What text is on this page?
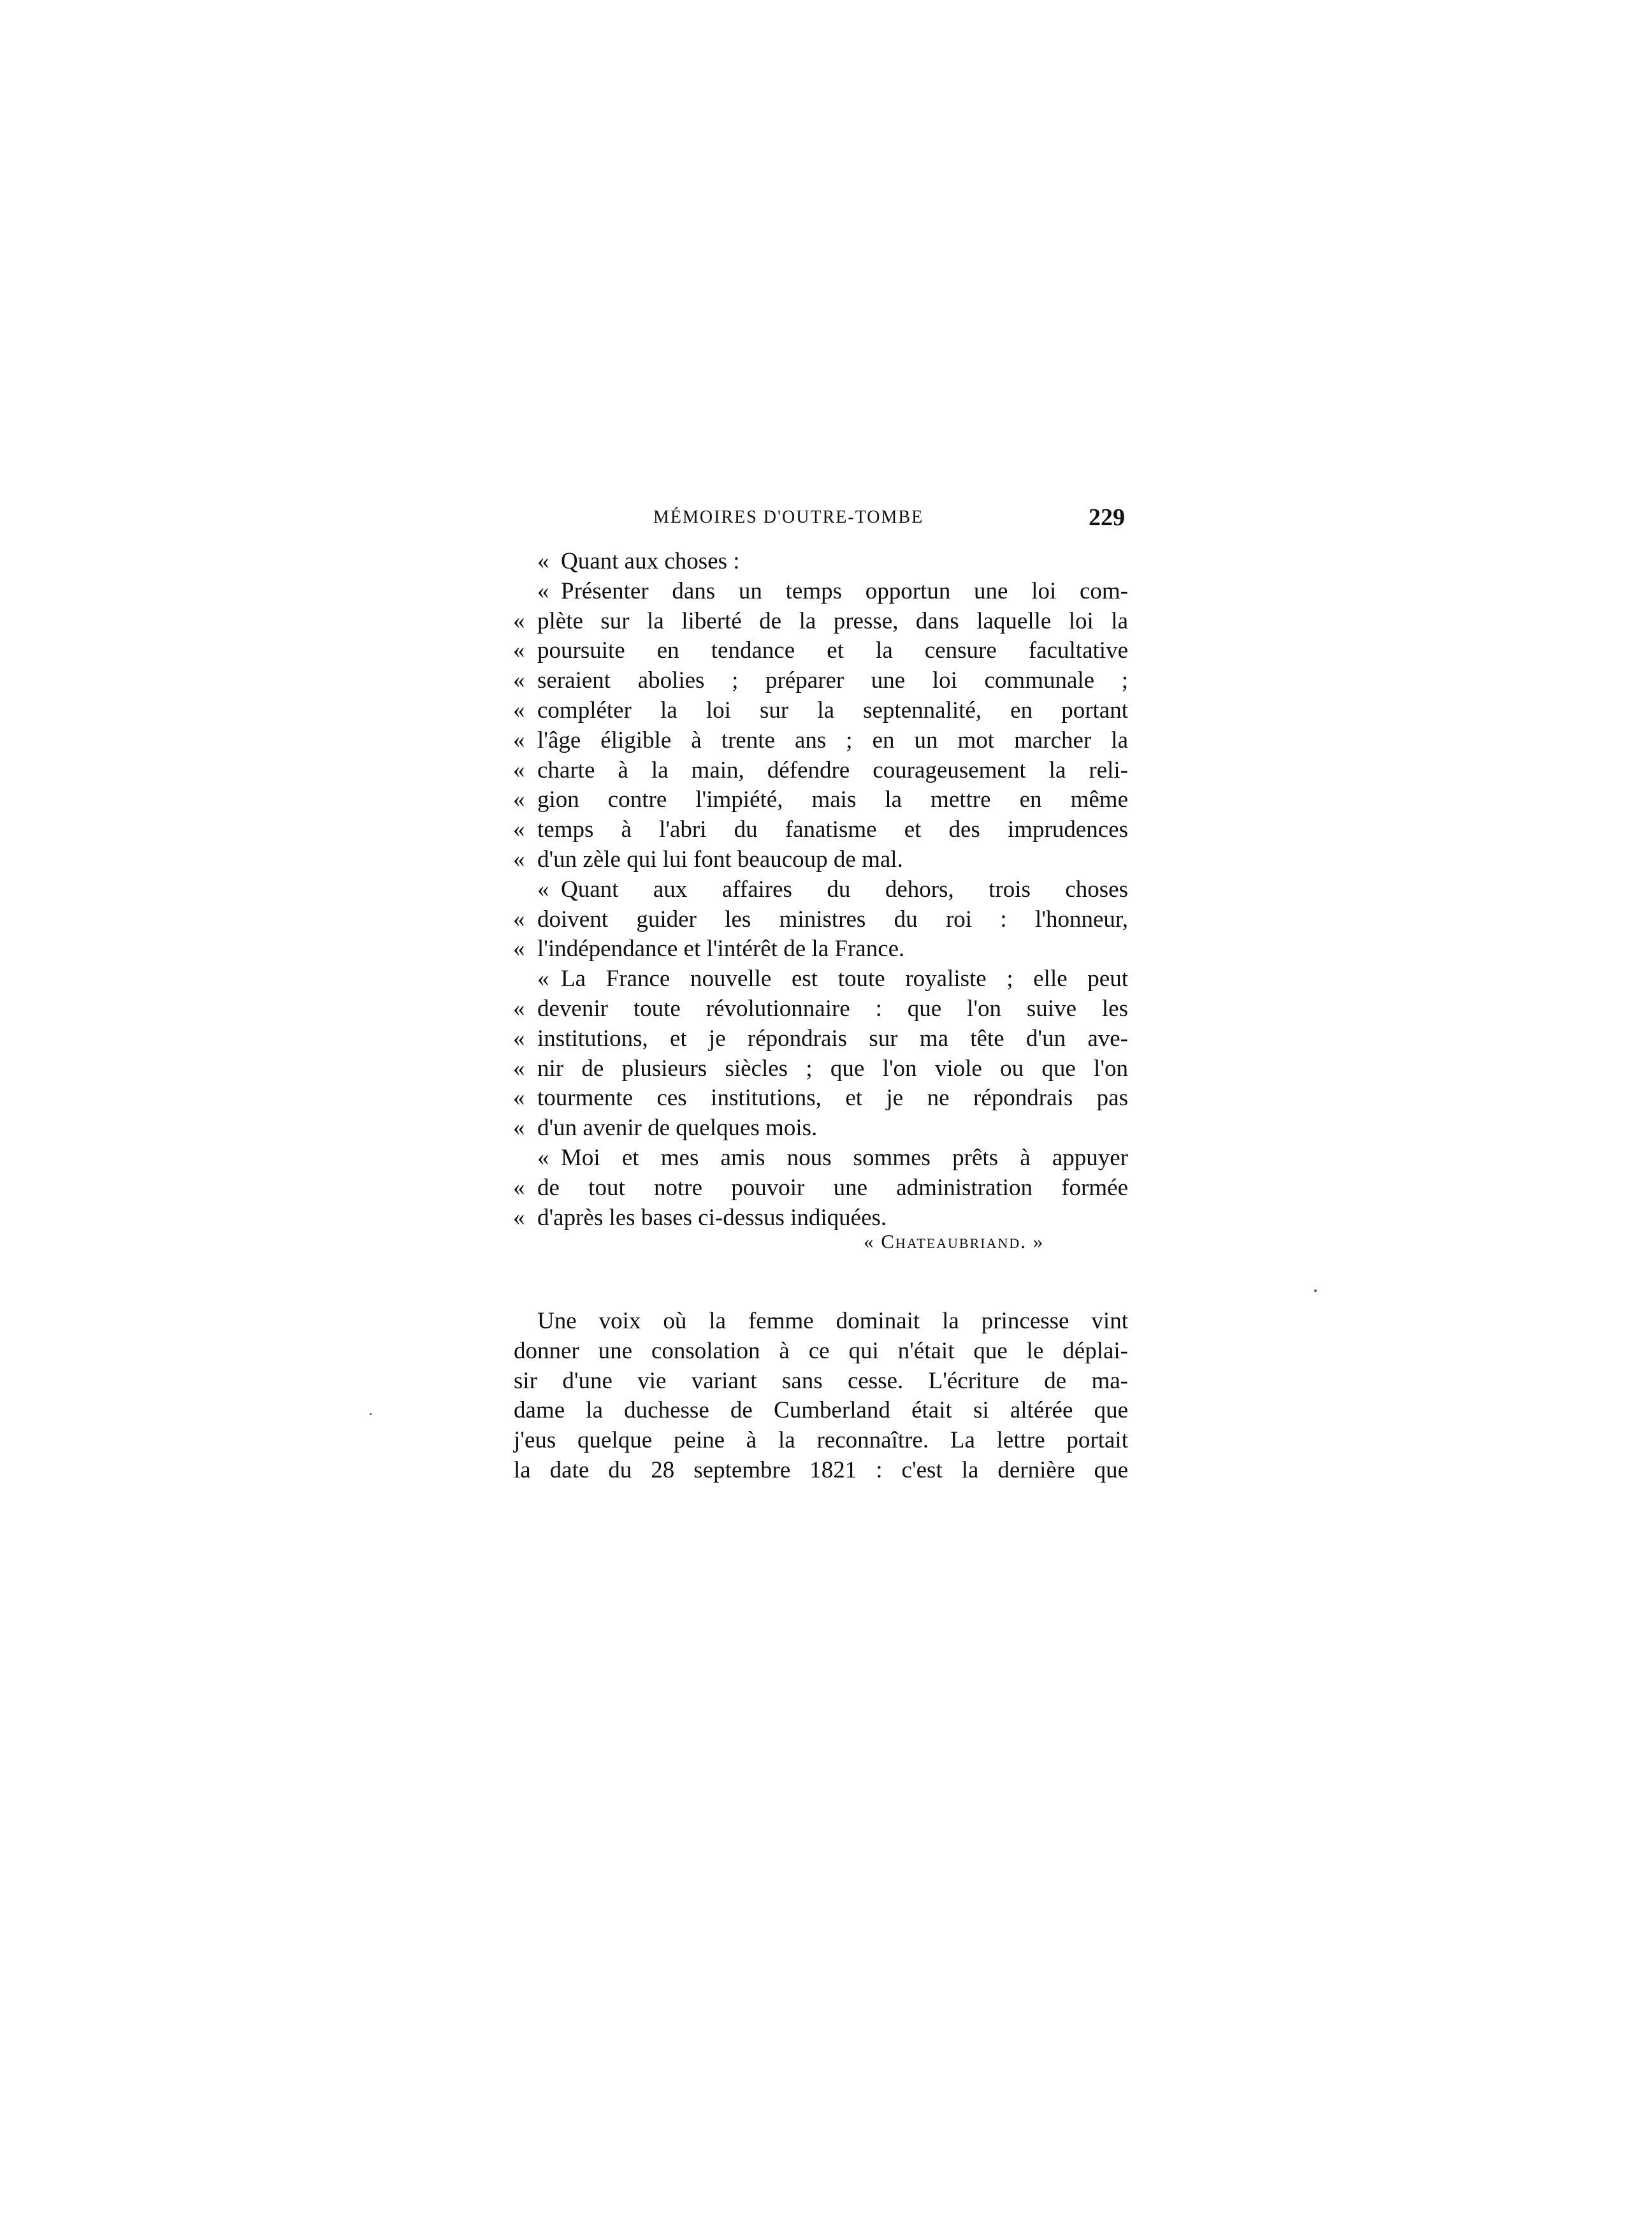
MÉMOIRES D'OUTRE-TOMBE	229
« Quant aux choses :
« Présenter dans un temps opportun une loi com-
« plète sur la liberté de la presse, dans laquelle loi la
« poursuite en tendance et la censure facultative
« seraient abolies ; préparer une loi communale ;
« compléter la loi sur la septennalité, en portant
« l'âge éligible à trente ans ; en un mot marcher la
« charte à la main, défendre courageusement la reli-
« gion contre l'impiété, mais la mettre en même
« temps à l'abri du fanatisme et des imprudences
« d'un zèle qui lui font beaucoup de mal.
« Quant aux affaires du dehors, trois choses
« doivent guider les ministres du roi : l'honneur,
« l'indépendance et l'intérêt de la France.
« La France nouvelle est toute royaliste ; elle peut
« devenir toute révolutionnaire : que l'on suive les
« institutions, et je répondrais sur ma tête d'un ave-
« nir de plusieurs siècles ; que l'on viole ou que l'on
« tourmente ces institutions, et je ne répondrais pas
« d'un avenir de quelques mois.
« Moi et mes amis nous sommes prêts à appuyer
« de tout notre pouvoir une administration formée
« d'après les bases ci-dessus indiquées.
« Chateaubriand. »
Une voix où la femme dominait la princesse vint
donner une consolation à ce qui n'était que le déplai-
sir d'une vie variant sans cesse. L'écriture de ma-
dame la duchesse de Cumberland était si altérée que
j'eus quelque peine à la reconnaître. La lettre portait
la date du 28 septembre 1821 : c'est la dernière que
